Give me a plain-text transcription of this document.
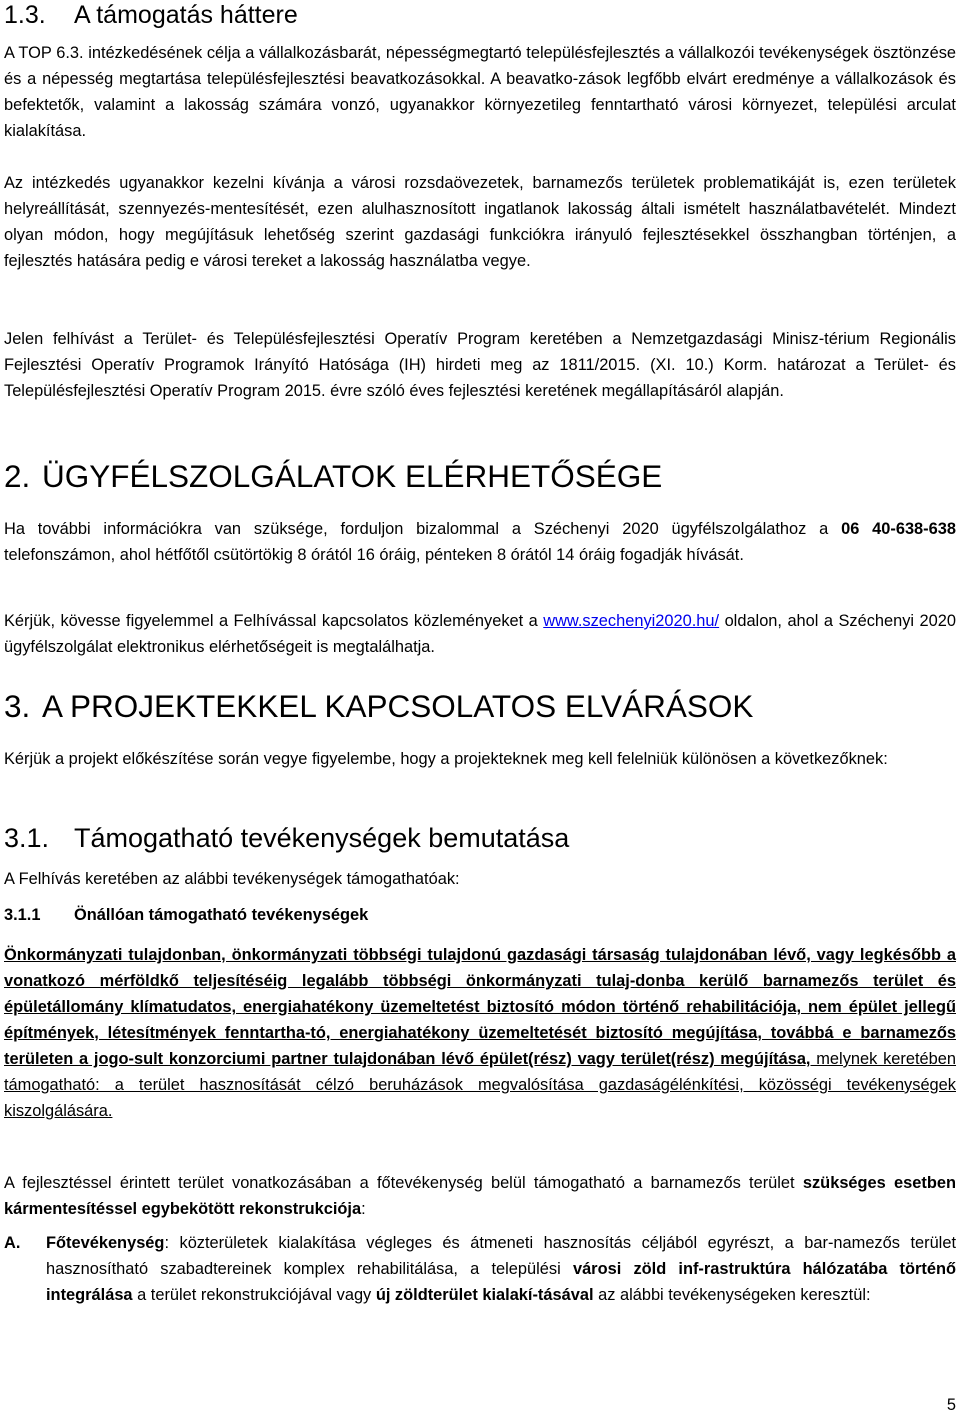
1.3. A támogatás háttere

A TOP 6.3. intézkedésének célja a vállalkozásbarát, népességmegtartó településfejlesztés a vállalkozói tevékenységek ösztönzése és a népesség megtartása településfejlesztési beavatkozásokkal. A beavatko-zások legfőbb elvárt eredménye a vállalkozások és befektetők, valamint a lakosság számára vonzó, ugyanakkor környezetileg fenntartható városi környezet, települési arculat kialakítása.

Az intézkedés ugyanakkor kezelni kívánja a városi rozsdaövezetek, barnamezős területek problematikáját is, ezen területek helyreállítását, szennyezés-mentesítését, ezen alulhasznosított ingatlanok lakosság általi ismételt használatbavételét. Mindezt olyan módon, hogy megújításuk lehetőség szerint gazdasági funkciókra irányuló fejlesztésekkel összhangban történjen, a fejlesztés hatására pedig e városi tereket a lakosság használatba vegye.

Jelen felhívást a Terület- és Településfejlesztési Operatív Program keretében a Nemzetgazdasági Minisz-térium Regionális Fejlesztési Operatív Programok Irányító Hatósága (IH) hirdeti meg az 1811/2015. (XI. 10.) Korm. határozat a Terület- és Településfejlesztési Operatív Program 2015. évre szóló éves fejlesztési keretének megállapításáról alapján.

2. ÜGYFÉLSZOLGÁLATOK ELÉRHETŐSÉGE

Ha további információkra van szüksége, forduljon bizalommal a Széchenyi 2020 ügyfélszolgálathoz a 06 40-638-638 telefonszámon, ahol hétfőtől csütörtökig 8 órától 16 óráig, pénteken 8 órától 14 óráig fogadják hívását.

Kérjük, kövesse figyelemmel a Felhívással kapcsolatos közleményeket a www.szechenyi2020.hu/ oldalon, ahol a Széchenyi 2020 ügyfélszolgálat elektronikus elérhetőségeit is megtalálhatja.

3. A PROJEKTEKKEL KAPCSOLATOS ELVÁRÁSOK

Kérjük a projekt előkészítése során vegye figyelembe, hogy a projekteknek meg kell felelniük különösen a következőknek:

3.1. Támogatható tevékenységek bemutatása

A Felhívás keretében az alábbi tevékenységek támogathatóak:

3.1.1 Önállóan támogatható tevékenységek

Önkormányzati tulajdonban, önkormányzati többségi tulajdonú gazdasági társaság tulajdonában lévő, vagy legkésőbb a vonatkozó mérföldkő teljesítéséig legalább többségi önkormányzati tulaj-donba kerülő barnamezős terület és épületállomány klímatudatos, energiahatékony üzemeltetést biztosító módon történő rehabilitációja, nem épület jellegű építmények, létesítmények fenntartha-tó, energiahatékony üzemeltetését biztosító megújítása, továbbá e barnamezős területen a jogo-sult konzorciumi partner tulajdonában lévő épület(rész) vagy terület(rész) megújítása, melynek keretében támogatható: a terület hasznosítását célzó beruházások megvalósítása gazdaságélénkítési, közösségi tevékenységek kiszolgálására.

A fejlesztéssel érintett terület vonatkozásában a főtevékenység belül támogatható a barnamezős terület szükséges esetben kármentesítéssel egybekötött rekonstrukciója:

A.	Főtevékenység: közterületek kialakítása végleges és átmeneti hasznosítás céljából egyrészt, a bar-namezős terület hasznosítható szabadtereinek komplex rehabilitálása, a települési városi zöld inf-rastruktúra hálózatába történő integrálása a terület rekonstrukciójával vagy új zöldterület kialakí-tásával az alábbi tevékenységeken keresztül:

5
